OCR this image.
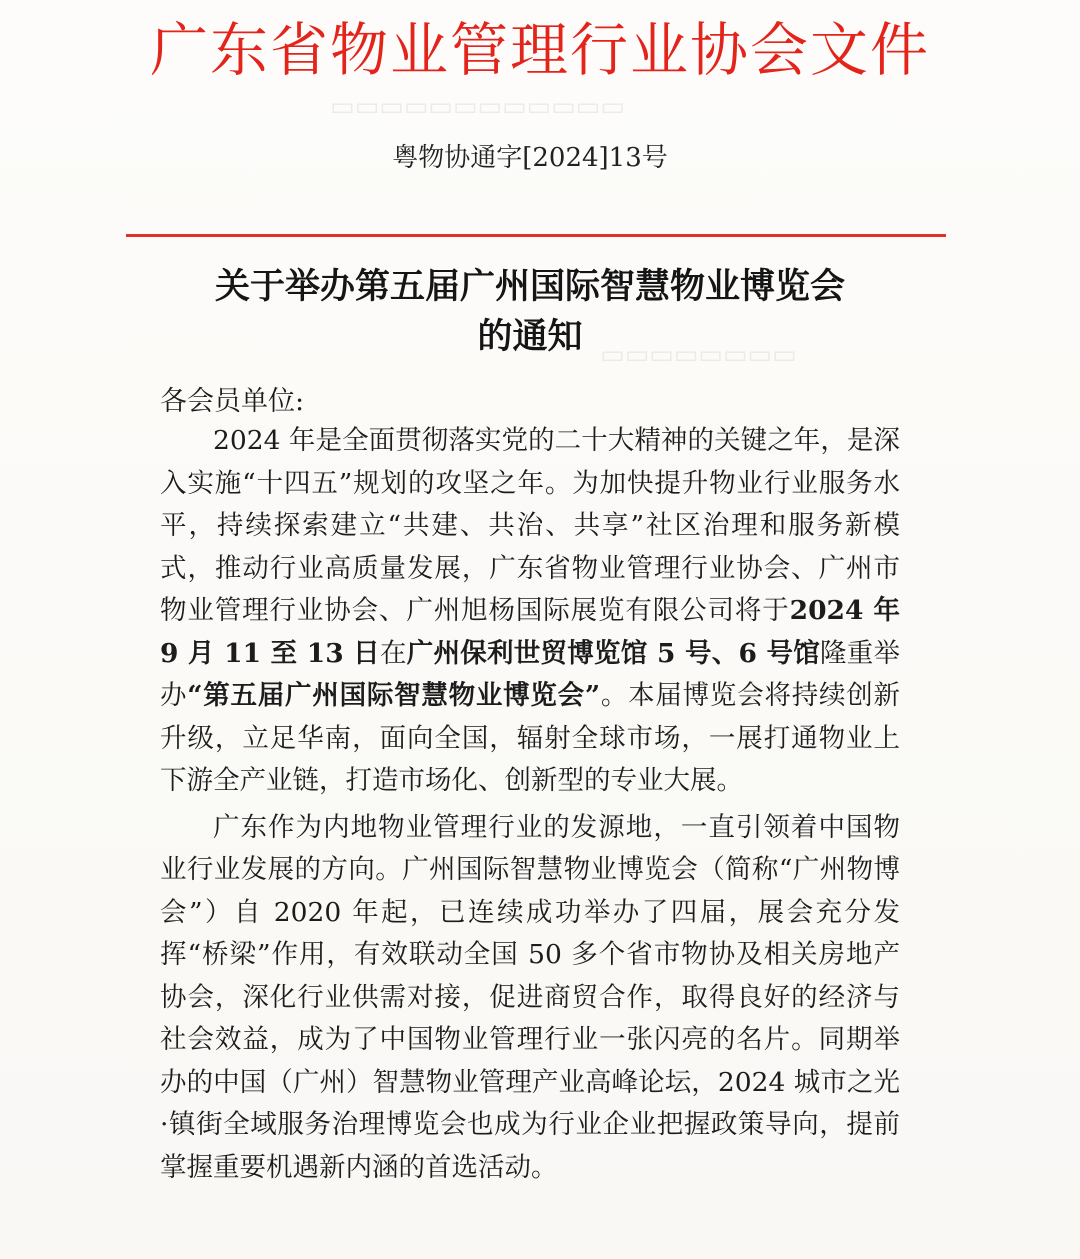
▭▭▭▭▭▭▭▭▭▭▭▭
▭▭▭▭▭▭▭▭
广东省物业管理行业协会文件
粤物协通字[2024]13号
关于举办第五届广州国际智慧物业博览会
的通知
各会员单位:

2024 年是全面贯彻落实党的二十大精神的关键之年，是深入实施“十四五”规划的攻坚之年。为加快提升物业行业服务水平，持续探索建立“共建、共治、共享”社区治理和服务新模式，推动行业高质量发展，广东省物业管理行业协会、广州市物业管理行业协会、广州旭杨国际展览有限公司将于2024 年 9 月 11 至 13 日在广州保利世贸博览馆 5 号、6 号馆隆重举办“第五届广州国际智慧物业博览会”。本届博览会将持续创新升级，立足华南，面向全国，辐射全球市场，一展打通物业上下游全产业链，打造市场化、创新型的专业大展。

广东作为内地物业管理行业的发源地，一直引领着中国物业行业发展的方向。广州国际智慧物业博览会（简称“广州物博会”）自 2020 年起，已连续成功举办了四届，展会充分发挥“桥梁”作用，有效联动全国 50 多个省市物协及相关房地产协会，深化行业供需对接，促进商贸合作，取得良好的经济与社会效益，成为了中国物业管理行业一张闪亮的名片。同期举办的中国（广州）智慧物业管理产业高峰论坛，2024 城市之光·镇街全域服务治理博览会也成为行业企业把握政策导向，提前掌握重要机遇新内涵的首选活动。
